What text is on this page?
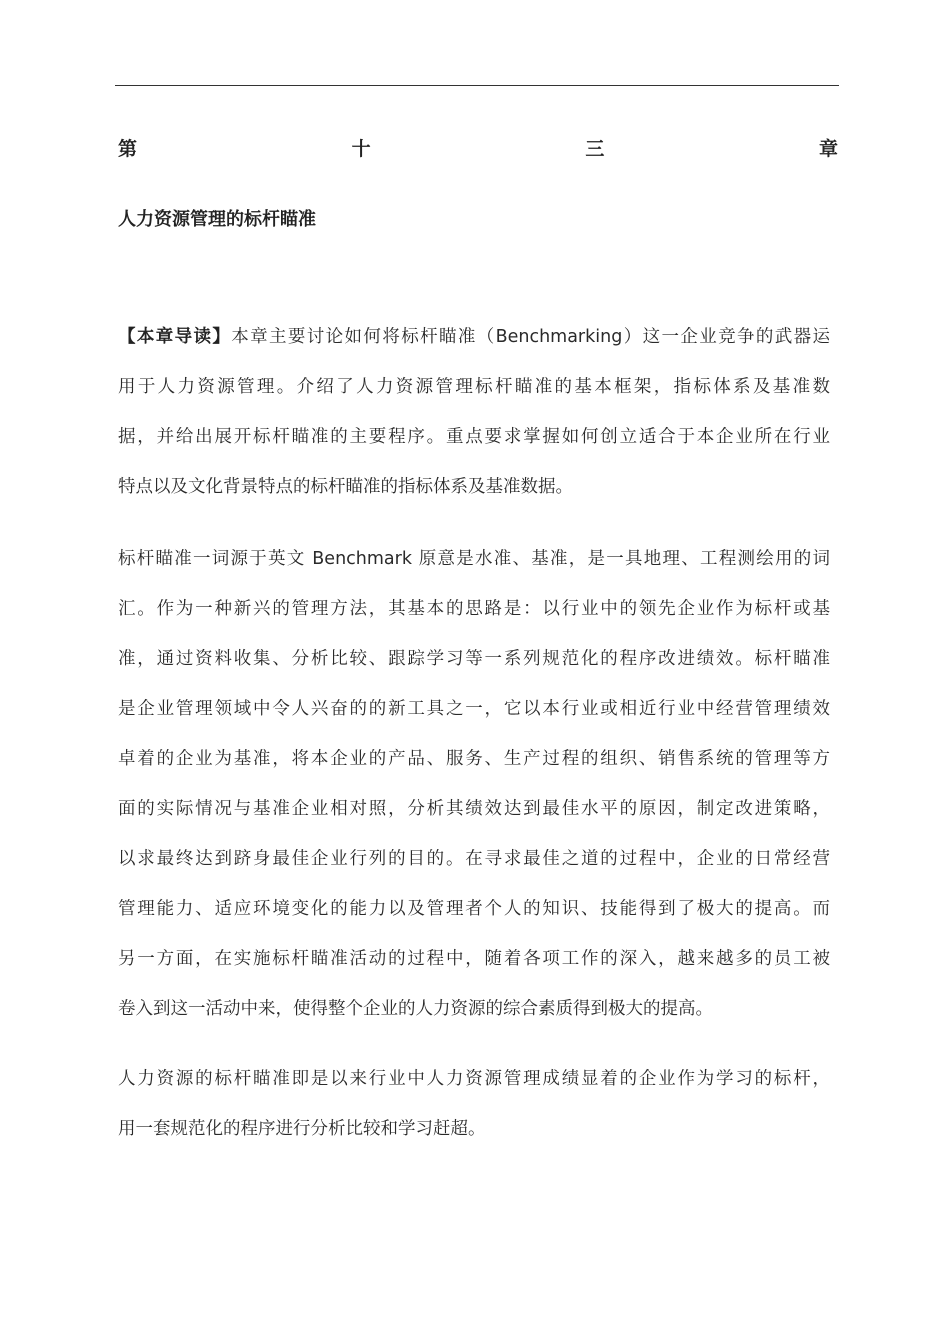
第	十	三	章
人力资源管理的标杆瞄准
【本章导读】本章主要讨论如何将标杆瞄准（Benchmarking）这一企业竞争的武器运
用于人力资源管理。介绍了人力资源管理标杆瞄准的基本框架，指标体系及基准数
据，并给出展开标杆瞄准的主要程序。重点要求掌握如何创立适合于本企业所在行业
特点以及文化背景特点的标杆瞄准的指标体系及基准数据。
标杆瞄准一词源于英文 Benchmark 原意是水准、基准，是一具地理、工程测绘用的词
汇。作为一种新兴的管理方法，其基本的思路是：以行业中的领先企业作为标杆或基
准，通过资料收集、分析比较、跟踪学习等一系列规范化的程序改进绩效。标杆瞄准
是企业管理领域中令人兴奋的的新工具之一，它以本行业或相近行业中经营管理绩效
卓着的企业为基准，将本企业的产品、服务、生产过程的组织、销售系统的管理等方
面的实际情况与基准企业相对照，分析其绩效达到最佳水平的原因，制定改进策略，
以求最终达到跻身最佳企业行列的目的。在寻求最佳之道的过程中，企业的日常经营
管理能力、适应环境变化的能力以及管理者个人的知识、技能得到了极大的提高。而
另一方面，在实施标杆瞄准活动的过程中，随着各项工作的深入，越来越多的员工被
卷入到这一活动中来，使得整个企业的人力资源的综合素质得到极大的提高。
人力资源的标杆瞄准即是以来行业中人力资源管理成绩显着的企业作为学习的标杆，
用一套规范化的程序进行分析比较和学习赶超。
